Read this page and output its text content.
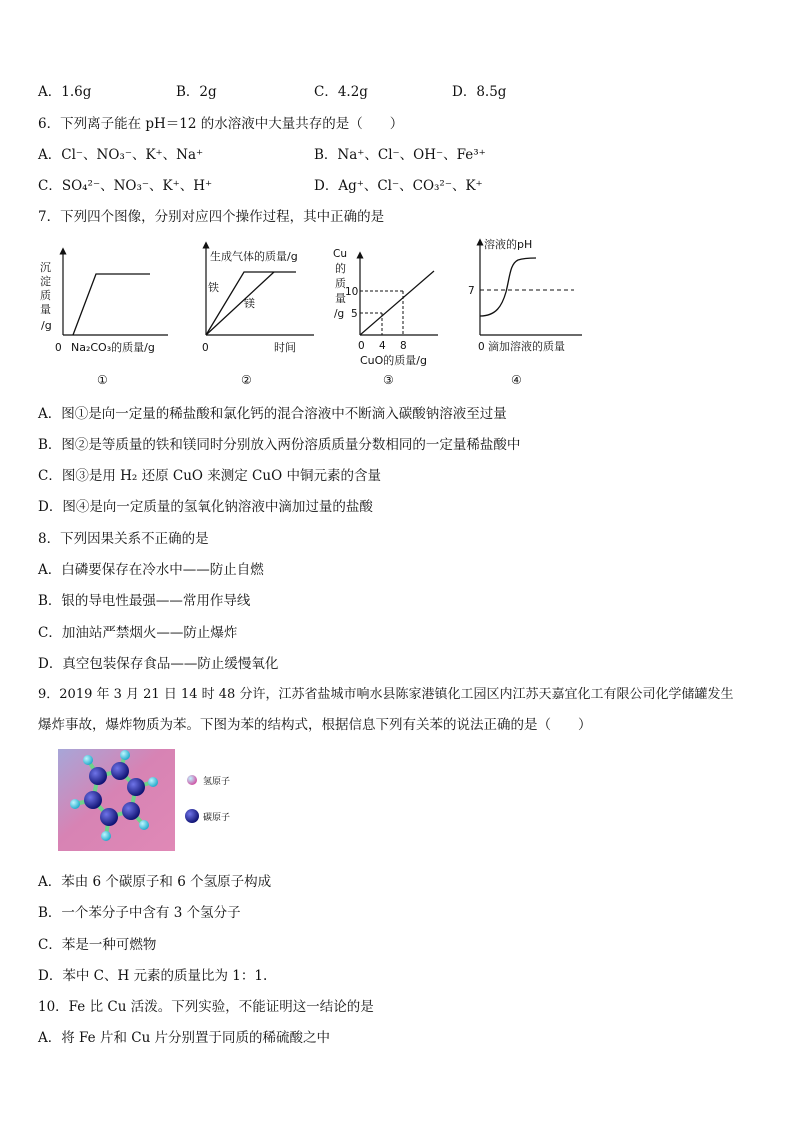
A．1.6g	B．2g	C．4.2g	D．8.5g
6．下列离子能在 pH＝12 的水溶液中大量共存的是（　　）
A．Cl⁻、NO₃⁻、K⁺、Na⁺	B．Na⁺、Cl⁻、OH⁻、Fe³⁺
C．SO₄²⁻、NO₃⁻、K⁺、H⁺	D．Ag⁺、Cl⁻、CO₃²⁻、K⁺
7．下列四个图像，分别对应四个操作过程，其中正确的是
沉
淀
质
量
/g
0 Na₂CO₃的质量/g
①
生成气体的质量/g
铁
镁
0	时间
②
Cu
的
质
量
/g
10
5
0 4 8
CuO的质量/g
③
溶液的pH
7
0 滴加溶液的质量
④
A．图①是向一定量的稀盐酸和氯化钙的混合溶液中不断滴入碳酸钠溶液至过量
B．图②是等质量的铁和镁同时分别放入两份溶质质量分数相同的一定量稀盐酸中
C．图③是用 H₂ 还原 CuO 来测定 CuO 中铜元素的含量
D．图④是向一定质量的氢氧化钠溶液中滴加过量的盐酸
8．下列因果关系不正确的是
A．白磷要保存在冷水中——防止自燃
B．银的导电性最强——常用作导线
C．加油站严禁烟火——防止爆炸
D．真空包装保存食品——防止缓慢氧化
9．2019 年 3 月 21 日 14 时 48 分许，江苏省盐城市响水县陈家港镇化工园区内江苏天嘉宜化工有限公司化学储罐发生
爆炸事故，爆炸物质为苯。下图为苯的结构式，根据信息下列有关苯的说法正确的是（　　）
氢原子
碳原子
A．苯由 6 个碳原子和 6 个氢原子构成
B．一个苯分子中含有 3 个氢分子
C．苯是一种可燃物
D．苯中 C、H 元素的质量比为 1：1.
10．Fe 比 Cu 活泼。下列实验，不能证明这一结论的是
A．将 Fe 片和 Cu 片分别置于同质的稀硫酸之中
